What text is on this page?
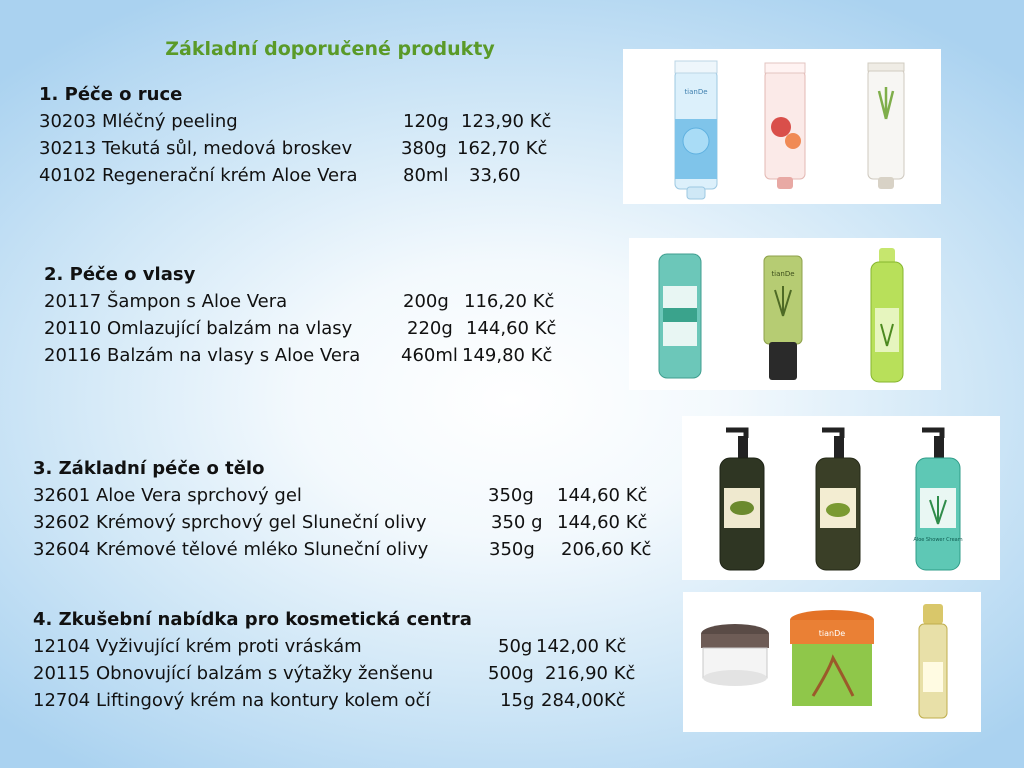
Základní doporučené produkty
1. Péče o ruce
30203 Mléčný peeling	120g 123,90 Kč
30213 Tekutá sůl, medová broskev	380g 162,70 Kč
40102 Regenerační krém Aloe Vera	80ml 33,60
2. Péče o vlasy
20117 Šampon s Aloe Vera	200g 116,20 Kč
20110 Omlazující balzám na vlasy	220g 144,60 Kč
20116 Balzám na vlasy s Aloe Vera 460ml 149,80 Kč
3. Základní péče o tělo
32601 Aloe Vera sprchový gel	350g 144,60 Kč
32602 Krémový sprchový gel Sluneční olivy	350 g 144,60 Kč
32604 Krémové tělové mléko Sluneční olivy	350g 206,60 Kč
4. Zkušební nabídka pro kosmetická centra
12104 Vyživující krém proti vráskám	50g 142,00 Kč
20115 Obnovující balzám s výtažky ženšenu	500g 216,90 Kč
12704 Liftingový krém na kontury kolem očí	15g 284,00Kč
tianDe
tianDe
Aloe Shower Cream
tianDe
